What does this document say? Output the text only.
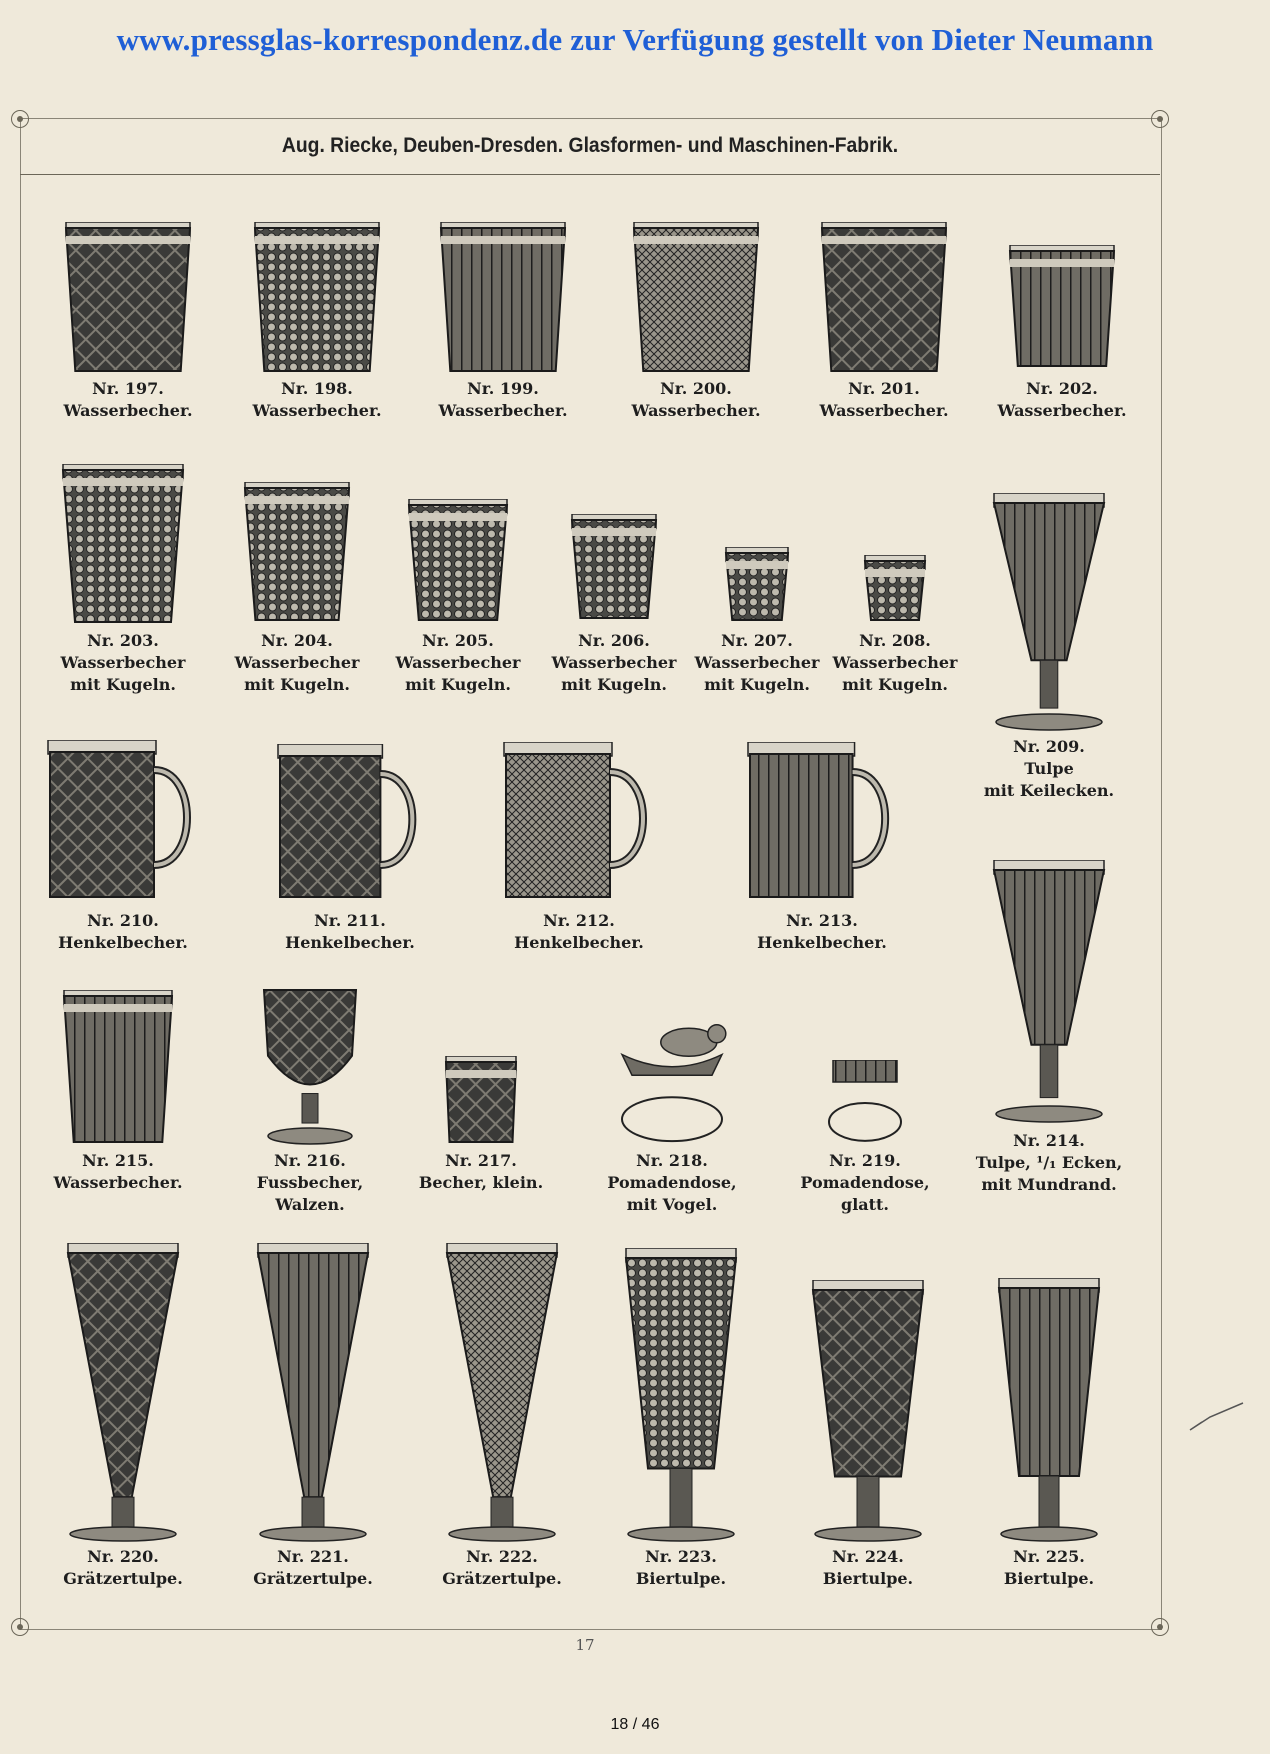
www.pressglas-korrespondenz.de zur Verfügung gestellt von Dieter Neumann
Aug. Riecke, Deuben-Dresden. Glasformen- und Maschinen-Fabrik.
Nr. 197.
Wasserbecher.
Nr. 198.
Wasserbecher.
Nr. 199.
Wasserbecher.
Nr. 200.
Wasserbecher.
Nr. 201.
Wasserbecher.
Nr. 202.
Wasserbecher.
Nr. 203.
Wasserbecher
mit Kugeln.
Nr. 204.
Wasserbecher
mit Kugeln.
Nr. 205.
Wasserbecher
mit Kugeln.
Nr. 206.
Wasserbecher
mit Kugeln.
Nr. 207.
Wasserbecher
mit Kugeln.
Nr. 208.
Wasserbecher
mit Kugeln.
Nr. 209.
Tulpe
mit Keilecken.
Nr. 210.
Henkelbecher.
Nr. 211.
Henkelbecher.
Nr. 212.
Henkelbecher.
Nr. 213.
Henkelbecher.
Nr. 214.
Tulpe, ¹/₁ Ecken,
mit Mundrand.
Nr. 215.
Wasserbecher.
Nr. 216.
Fussbecher,
Walzen.
Nr. 217.
Becher, klein.
Nr. 218.
Pomadendose,
mit Vogel.
Nr. 219.
Pomadendose,
glatt.
Nr. 220.
Grätzertulpe.
Nr. 221.
Grätzertulpe.
Nr. 222.
Grätzertulpe.
Nr. 223.
Biertulpe.
Nr. 224.
Biertulpe.
Nr. 225.
Biertulpe.
17
18 / 46
